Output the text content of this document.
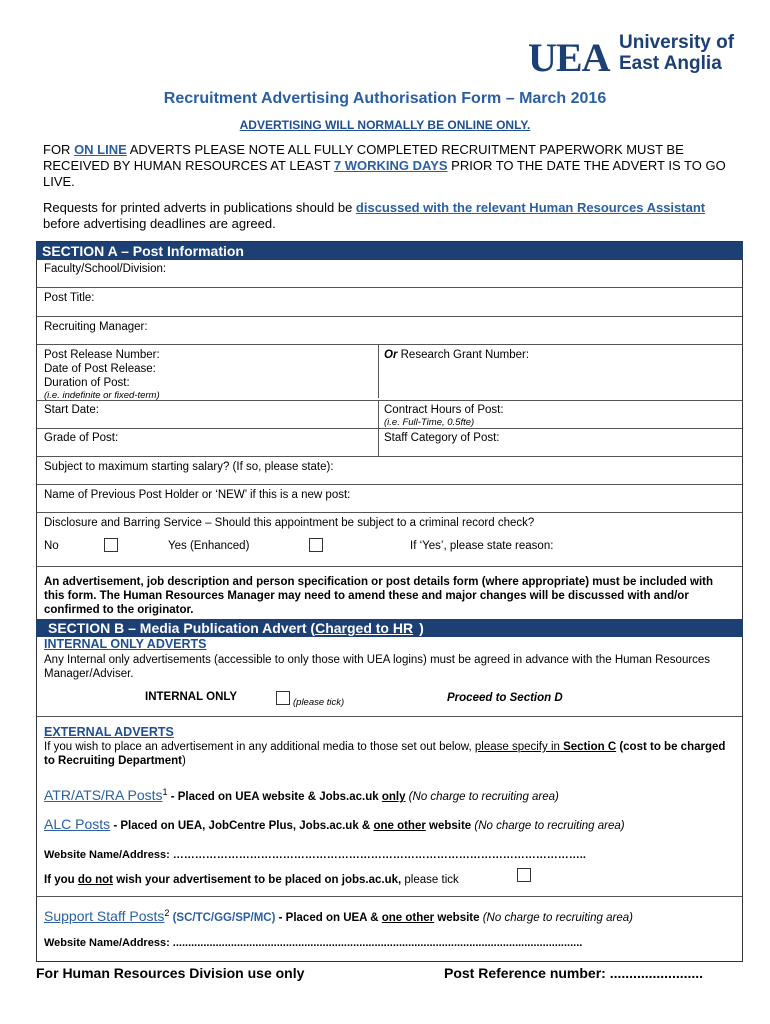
UEA University of
East Anglia
Recruitment Advertising Authorisation Form – March 2016
ADVERTISING WILL NORMALLY BE ONLINE ONLY.
FOR ON LINE ADVERTS PLEASE NOTE ALL FULLY COMPLETED RECRUITMENT PAPERWORK MUST BE RECEIVED BY HUMAN RESOURCES AT LEAST 7 WORKING DAYS PRIOR TO THE DATE THE ADVERT IS TO GO LIVE.
Requests for printed adverts in publications should be discussed with the relevant Human Resources Assistant before advertising deadlines are agreed.
SECTION A – Post Information
Faculty/School/Division:
Post Title:
Recruiting Manager:
Post Release Number:	Or Research Grant Number:
Date of Post Release:
Duration of Post:
(i.e. indefinite or fixed-term)
Start Date:	Contract Hours of Post:
(i.e. Full-Time, 0.5fte)
Grade of Post:	Staff Category of Post:
Subject to maximum starting salary? (If so, please state):
Name of Previous Post Holder or ‘NEW’ if this is a new post:
Disclosure and Barring Service – Should this appointment be subject to a criminal record check?
No	Yes (Enhanced)	If ‘Yes’, please state reason:
An advertisement, job description and person specification or post details form (where appropriate) must be included with this form. The Human Resources Manager may need to amend these and major changes will be discussed with and/or confirmed to the originator.
SECTION B – Media Publication Advert (Charged to HR )
INTERNAL ONLY ADVERTS
Any Internal only advertisements (accessible to only those with UEA logins) must be agreed in advance with the Human Resources Manager/Adviser.
INTERNAL ONLY	(please tick)	Proceed to Section D
EXTERNAL ADVERTS
If you wish to place an advertisement in any additional media to those set out below, please specify in Section C (cost to be charged to Recruiting Department)
ATR/ATS/RA Posts$^1$ - Placed on UEA website & Jobs.ac.uk only (No charge to recruiting area)
ALC Posts - Placed on UEA, JobCentre Plus, Jobs.ac.uk & one other website (No charge to recruiting area)
Website Name/Address: …………………………………………………………………………………………………..
If you do not wish your advertisement to be placed on jobs.ac.uk, please tick
Support Staff Posts$^2$ (SC/TC/GG/SP/MC) - Placed on UEA & one other website (No charge to recruiting area)
Website Name/Address: ......................................................................................................................................
For Human Resources Division use only	Post Reference number: ........................
